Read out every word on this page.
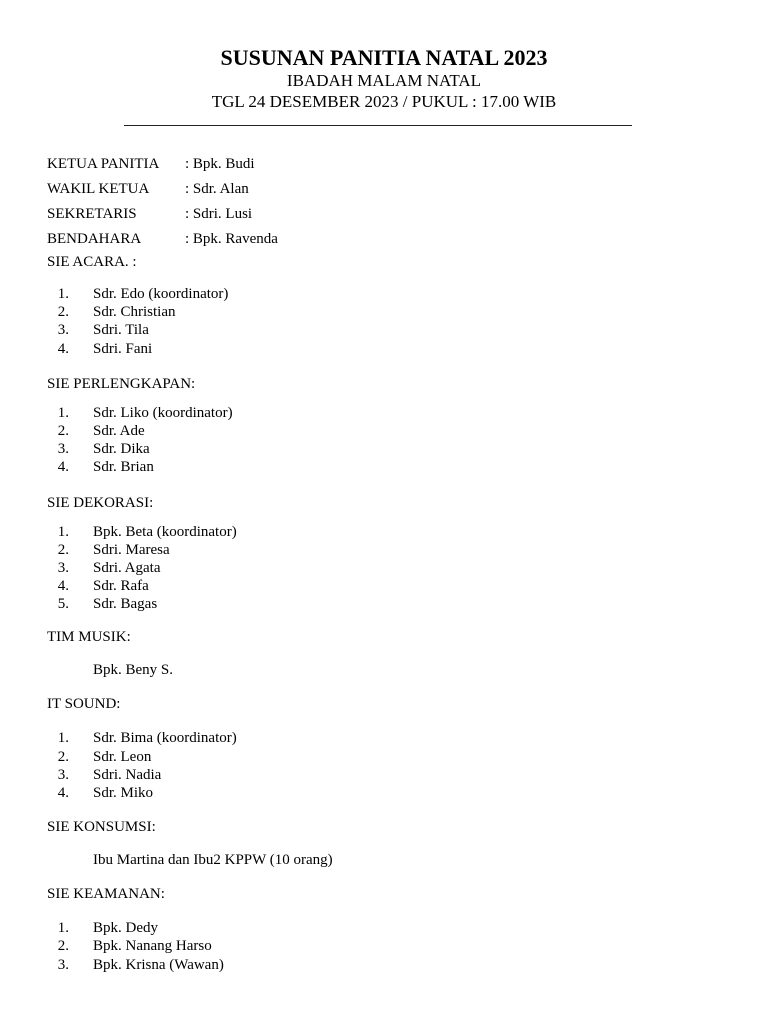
SUSUNAN PANITIA NATAL 2023
IBADAH MALAM NATAL
TGL 24 DESEMBER 2023 / PUKUL : 17.00 WIB
KETUA PANITIA	: Bpk. Budi
WAKIL KETUA	: Sdr. Alan
SEKRETARIS	: Sdri. Lusi
BENDAHARA	: Bpk. Ravenda
SIE ACARA. :
1. Sdr. Edo (koordinator)
2. Sdr. Christian
3. Sdri. Tila
4. Sdri. Fani
SIE PERLENGKAPAN:
1. Sdr. Liko (koordinator)
2. Sdr. Ade
3. Sdr. Dika
4. Sdr. Brian
SIE DEKORASI:
1. Bpk. Beta (koordinator)
2. Sdri. Maresa
3. Sdri. Agata
4. Sdr. Rafa
5. Sdr. Bagas
TIM MUSIK:
Bpk. Beny S.
IT SOUND:
1. Sdr. Bima (koordinator)
2. Sdr. Leon
3. Sdri. Nadia
4. Sdr. Miko
SIE KONSUMSI:
Ibu Martina dan Ibu2 KPPW (10 orang)
SIE KEAMANAN:
1. Bpk. Dedy
2. Bpk. Nanang Harso
3. Bpk. Krisna (Wawan)
